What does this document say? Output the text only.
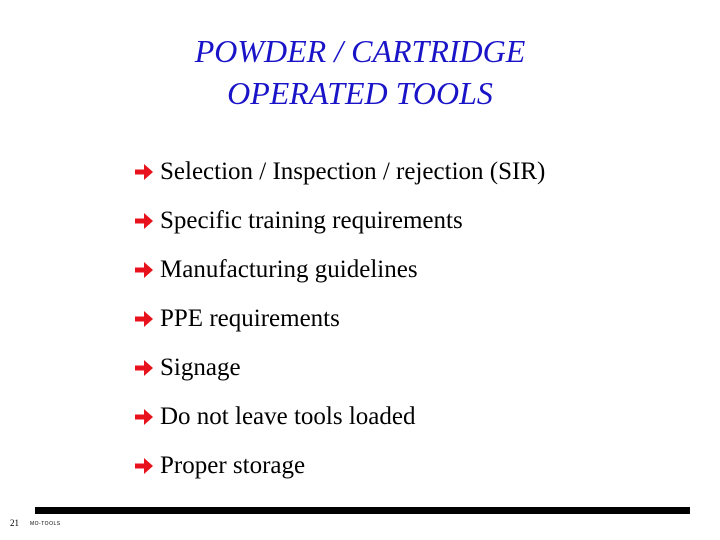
POWDER / CARTRIDGE
OPERATED TOOLS
Selection / Inspection / rejection (SIR)
Specific training requirements
Manufacturing guidelines
PPE requirements
Signage
Do not leave tools loaded
Proper storage
21 MO-TOOLS
